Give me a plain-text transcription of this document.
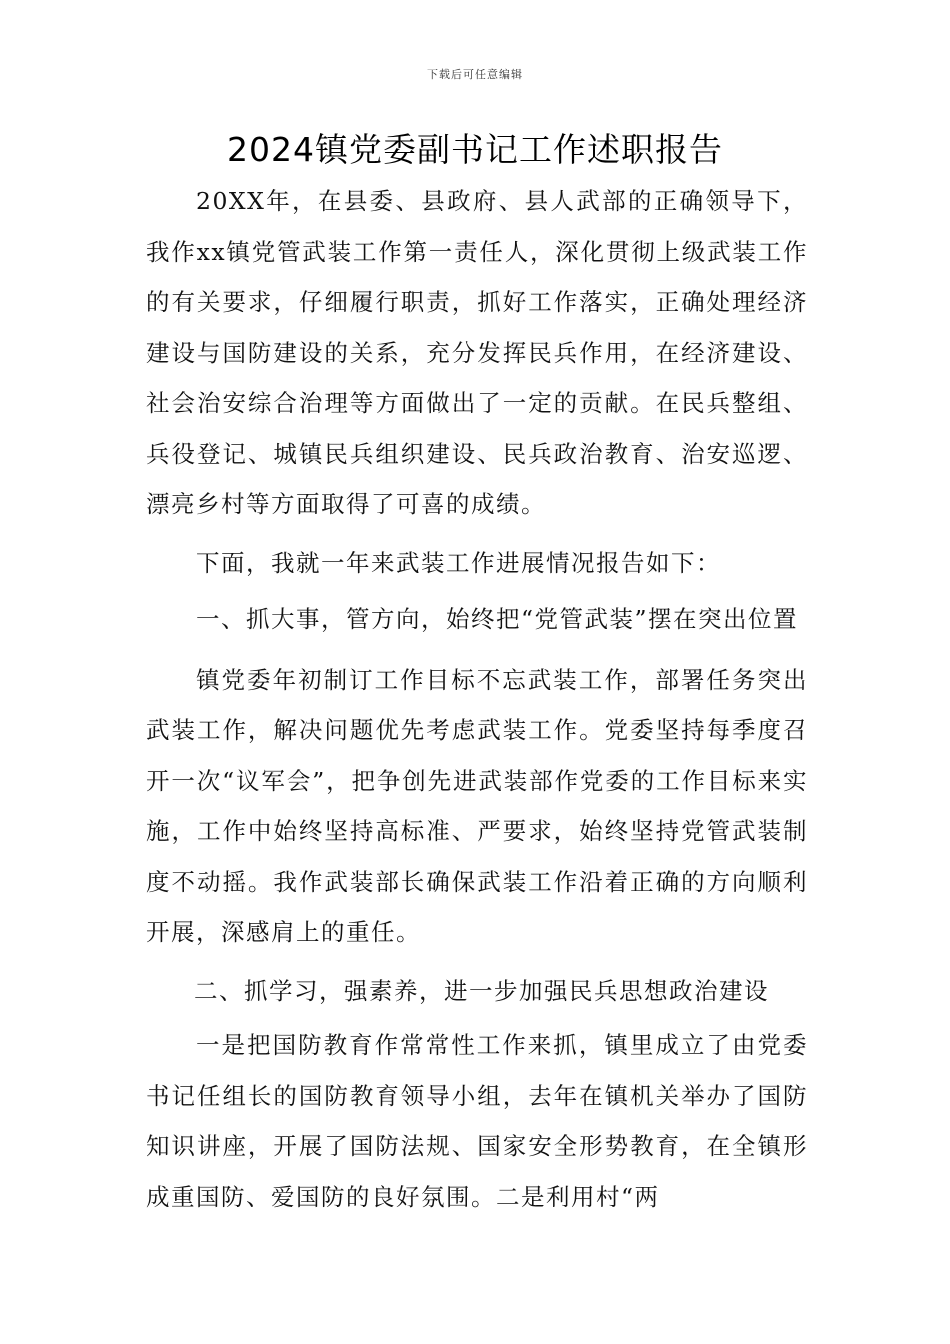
下载后可任意编辑
2024镇党委副书记工作述职报告

20XX年，在县委、县政府、县人武部的正确领导下，我作xx镇党管武装工作第一责任人，深化贯彻上级武装工作的有关要求，仔细履行职责，抓好工作落实，正确处理经济建设与国防建设的关系，充分发挥民兵作用，在经济建设、社会治安综合治理等方面做出了一定的贡献。在民兵整组、兵役登记、城镇民兵组织建设、民兵政治教育、治安巡逻、漂亮乡村等方面取得了可喜的成绩。

下面，我就一年来武装工作进展情况报告如下：

一、抓大事，管方向，始终把“党管武装”摆在突出位置

镇党委年初制订工作目标不忘武装工作，部署任务突出武装工作，解决问题优先考虑武装工作。党委坚持每季度召开一次“议军会”，把争创先进武装部作党委的工作目标来实施，工作中始终坚持高标准、严要求，始终坚持党管武装制度不动摇。我作武装部长确保武装工作沿着正确的方向顺利开展，深感肩上的重任。

二、抓学习，强素养，进一步加强民兵思想政治建设

一是把国防教育作常常性工作来抓，镇里成立了由党委书记任组长的国防教育领导小组，去年在镇机关举办了国防知识讲座，开展了国防法规、国家安全形势教育，在全镇形成重国防、爱国防的良好氛围。二是利用村“两
